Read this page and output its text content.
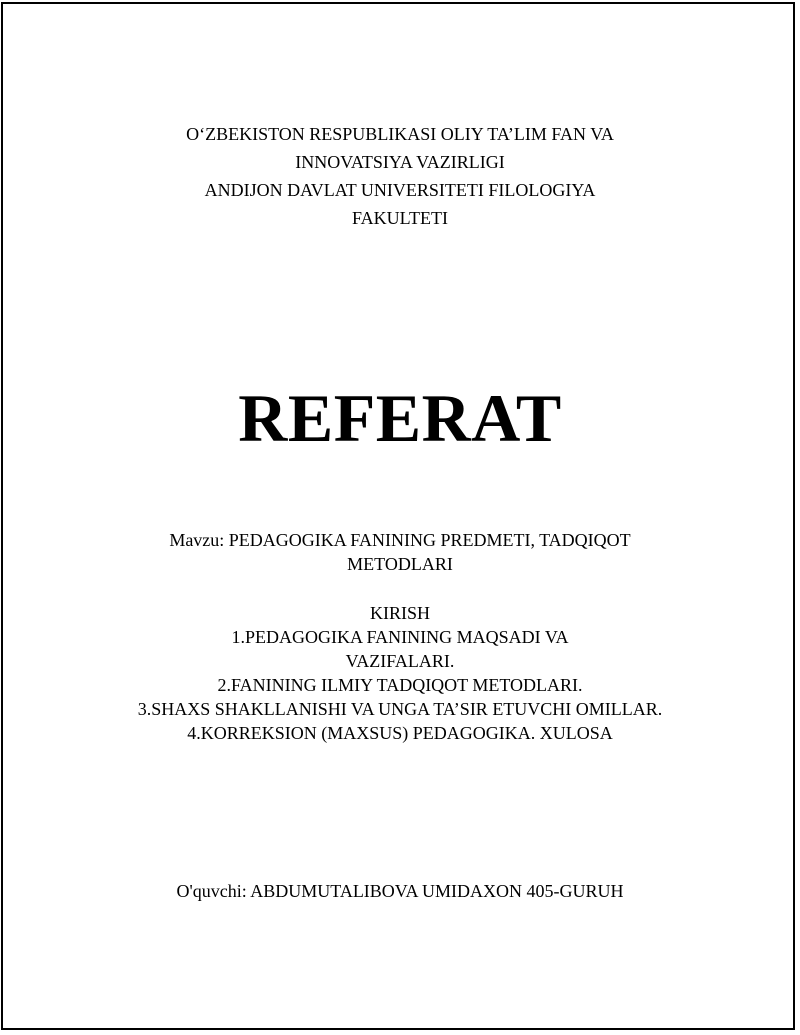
O‘ZBEKISTON RESPUBLIKASI OLIY TA’LIM FAN VA
INNOVATSIYA VAZIRLIGI
ANDIJON DAVLAT UNIVERSITETI FILOLOGIYA
FAKULTETI
REFERAT
Mavzu: PEDAGOGIKA FANINING PREDMETI, TADQIQOT
METODLARI
KIRISH
1.PEDAGOGIKA FANINING MAQSADI VA
VAZIFALARI.
2.FANINING ILMIY TADQIQOT METODLARI.
3.SHAXS SHAKLLANISHI VA UNGA TA’SIR ETUVCHI OMILLAR.
4.KORREKSION (MAXSUS) PEDAGOGIKA. XULOSA
O'quvchi: ABDUMUTALIBOVA UMIDAXON 405-GURUH
